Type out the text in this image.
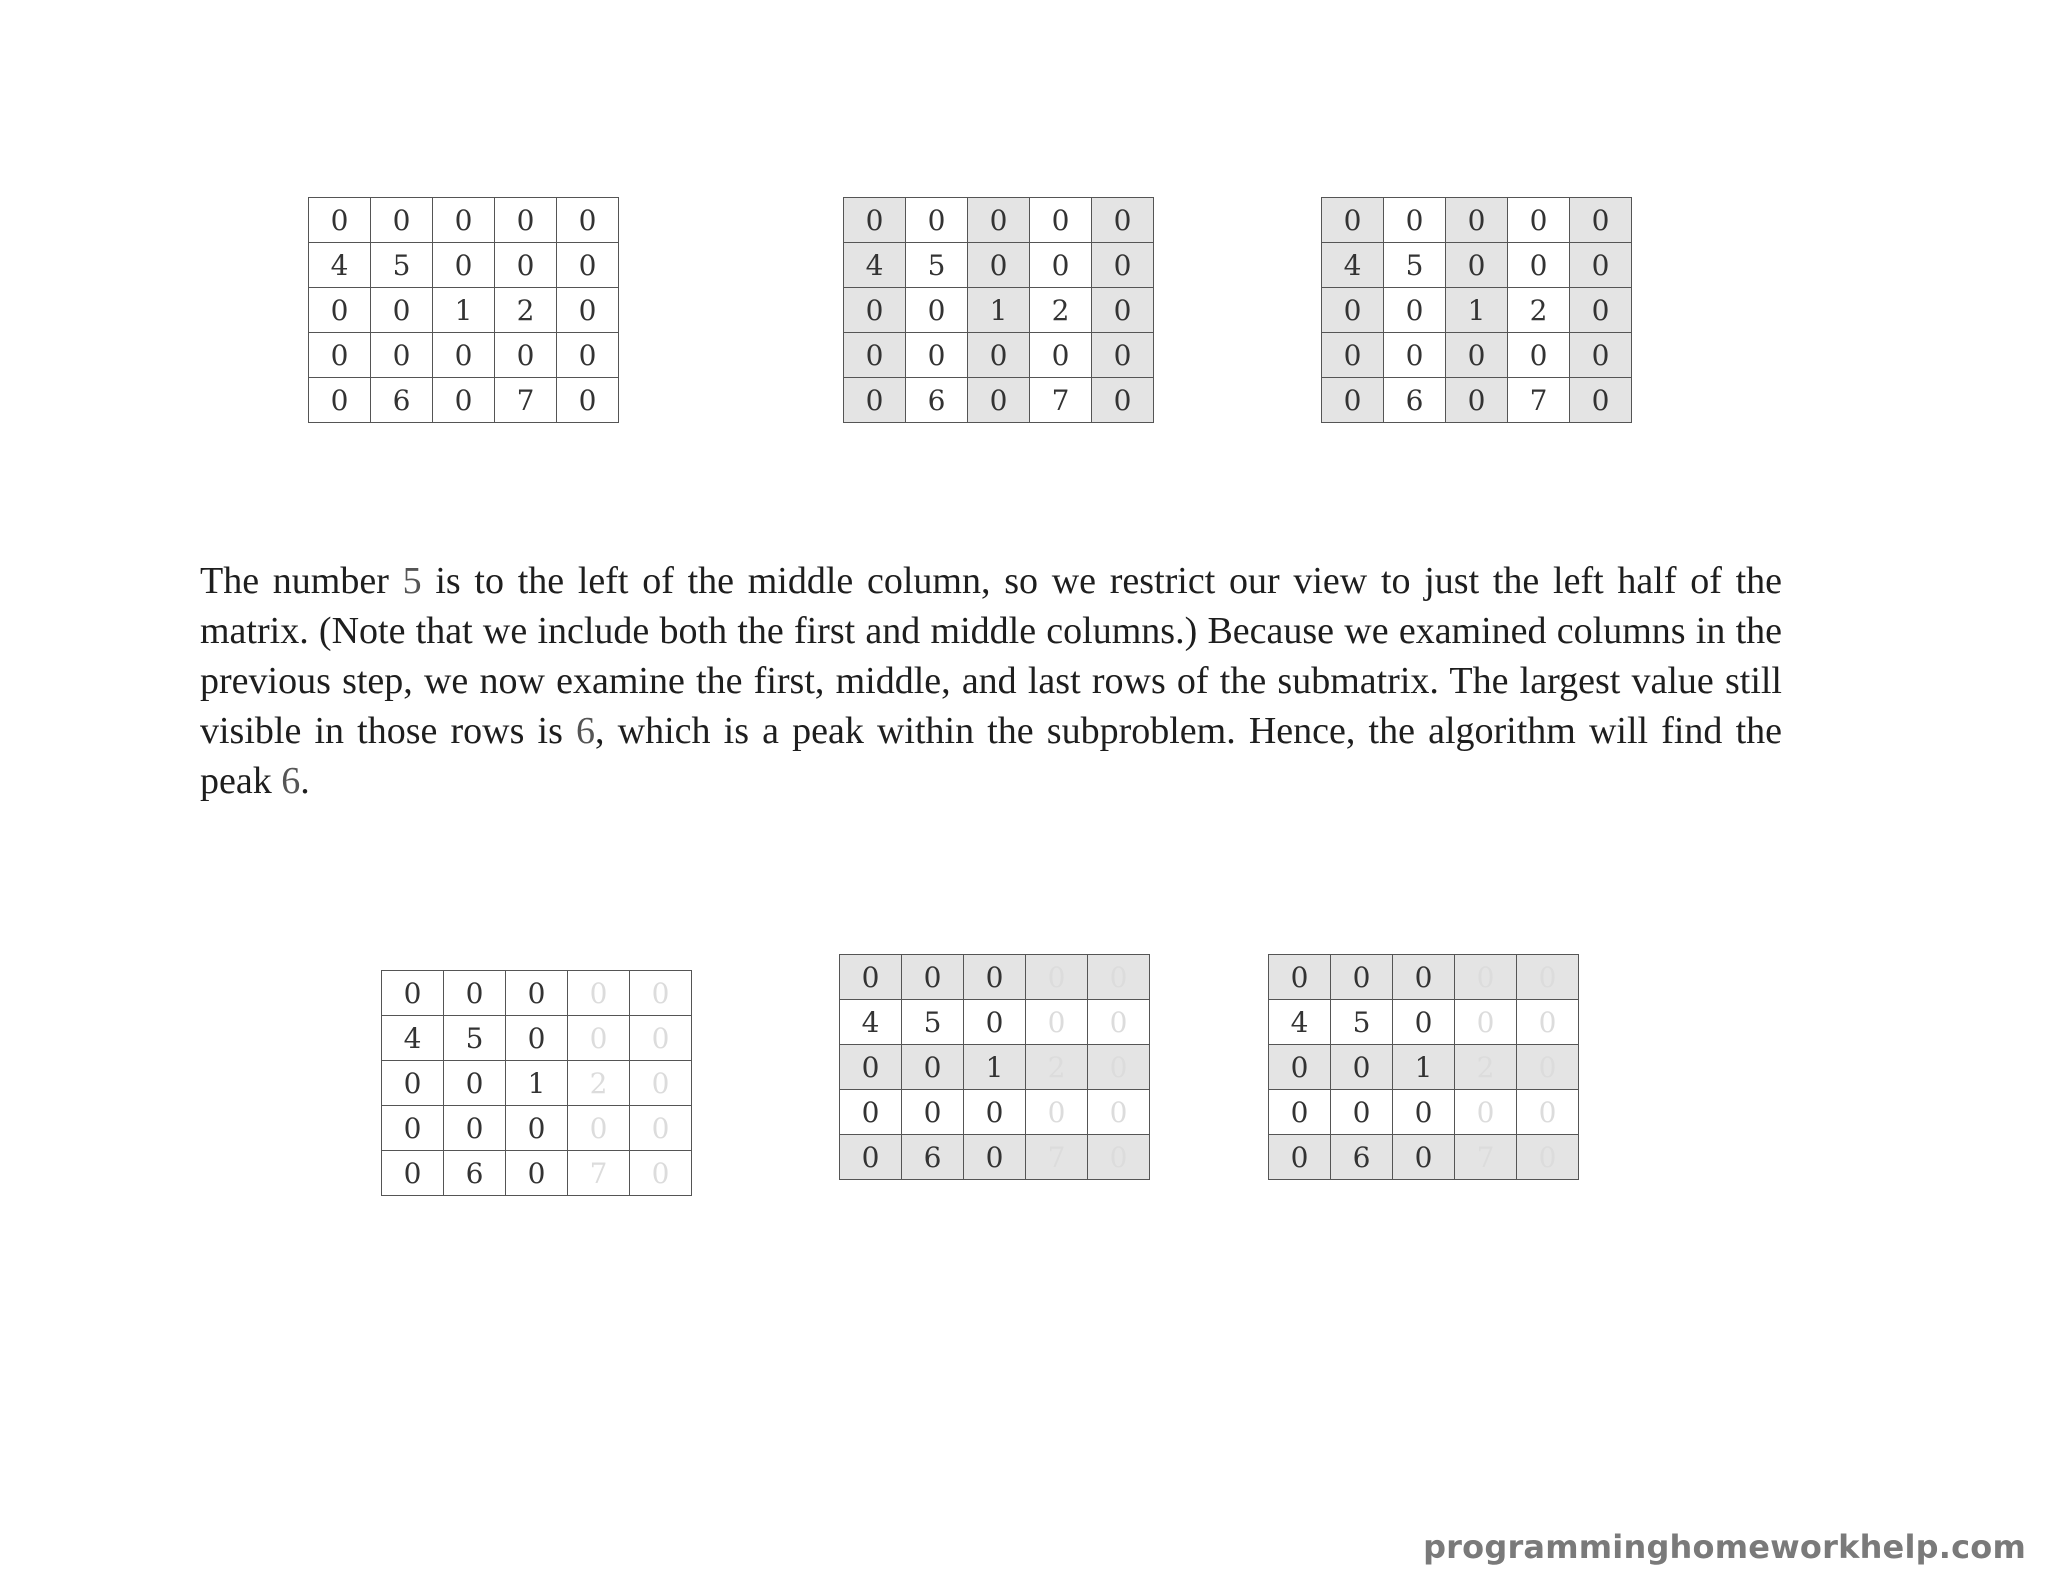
0	0	0	0	0
4	5	0	0	0
0	0	1	2	0
0	0	0	0	0
0	6	0	7	0
0	0	0	0	0
4	5	0	0	0
0	0	1	2	0
0	0	0	0	0
0	6	0	7	0
0	0	0	0	0
4	5	0	0	0
0	0	1	2	0
0	0	0	0	0
0	6	0	7	0

The number 5 is to the left of the middle column, so we restrict our view to just the left half of the matrix. (Note that we include both the first and middle columns.) Because we examined columns in the previous step, we now examine the first, middle, and last rows of the submatrix. The largest value still visible in those rows is 6, which is a peak within the subproblem. Hence, the algorithm will find the peak 6.

0	0	0	0	0
4	5	0	0	0
0	0	1	2	0
0	0	0	0	0
0	6	0	7	0
0	0	0	0	0
4	5	0	0	0
0	0	1	2	0
0	0	0	0	0
0	6	0	7	0
0	0	0	0	0
4	5	0	0	0
0	0	1	2	0
0	0	0	0	0
0	6	0	7	0
programminghomeworkhelp.com
